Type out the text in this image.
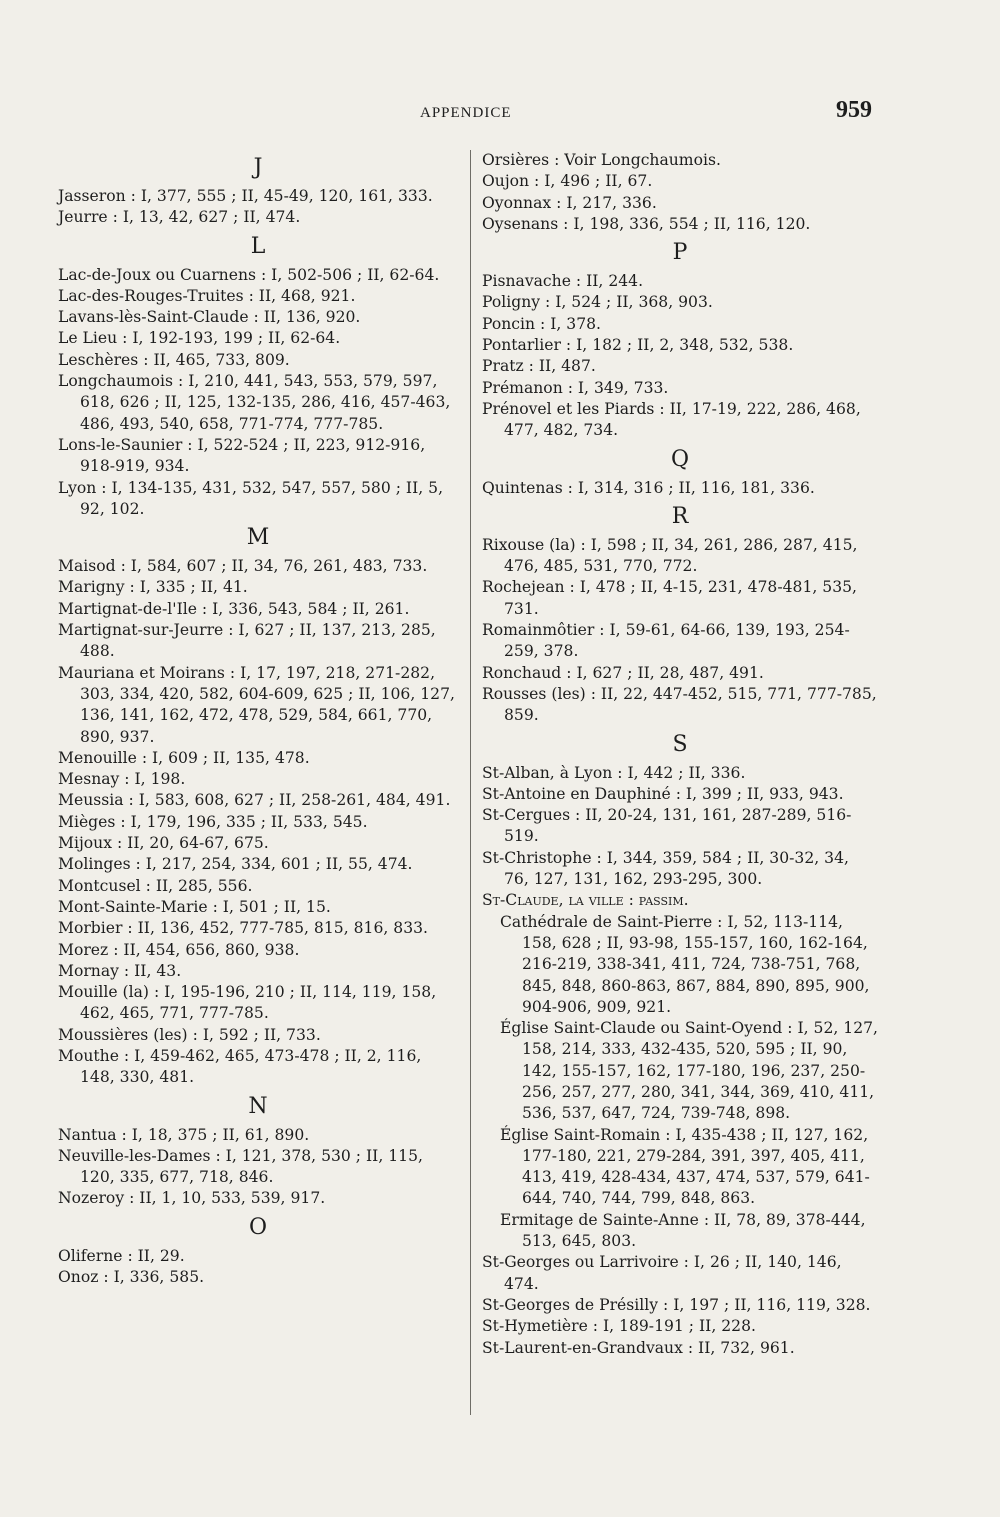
APPENDICE	959
J
Jasseron : I, 377, 555 ; II, 45-49, 120, 161, 333.
Jeurre : I, 13, 42, 627 ; II, 474.
L
Lac-de-Joux ou Cuarnens : I, 502-506 ; II, 62-64.
Lac-des-Rouges-Truites : II, 468, 921.
Lavans-lès-Saint-Claude : II, 136, 920.
Le Lieu : I, 192-193, 199 ; II, 62-64.
Leschères : II, 465, 733, 809.
Longchaumois : I, 210, 441, 543, 553, 579, 597, 618, 626 ; II, 125, 132-135, 286, 416, 457-463, 486, 493, 540, 658, 771-774, 777-785.
Lons-le-Saunier : I, 522-524 ; II, 223, 912-916, 918-919, 934.
Lyon : I, 134-135, 431, 532, 547, 557, 580 ; II, 5, 92, 102.
M
Maisod : I, 584, 607 ; II, 34, 76, 261, 483, 733.
Marigny : I, 335 ; II, 41.
Martignat-de-l'Ile : I, 336, 543, 584 ; II, 261.
Martignat-sur-Jeurre : I, 627 ; II, 137, 213, 285, 488.
Mauriana et Moirans : I, 17, 197, 218, 271-282, 303, 334, 420, 582, 604-609, 625 ; II, 106, 127, 136, 141, 162, 472, 478, 529, 584, 661, 770, 890, 937.
Menouille : I, 609 ; II, 135, 478.
Mesnay : I, 198.
Meussia : I, 583, 608, 627 ; II, 258-261, 484, 491.
Mièges : I, 179, 196, 335 ; II, 533, 545.
Mijoux : II, 20, 64-67, 675.
Molinges : I, 217, 254, 334, 601 ; II, 55, 474.
Montcusel : II, 285, 556.
Mont-Sainte-Marie : I, 501 ; II, 15.
Morbier : II, 136, 452, 777-785, 815, 816, 833.
Morez : II, 454, 656, 860, 938.
Mornay : II, 43.
Mouille (la) : I, 195-196, 210 ; II, 114, 119, 158, 462, 465, 771, 777-785.
Moussières (les) : I, 592 ; II, 733.
Mouthe : I, 459-462, 465, 473-478 ; II, 2, 116, 148, 330, 481.
N
Nantua : I, 18, 375 ; II, 61, 890.
Neuville-les-Dames : I, 121, 378, 530 ; II, 115, 120, 335, 677, 718, 846.
Nozeroy : II, 1, 10, 533, 539, 917.
O
Oliferne : II, 29.
Onoz : I, 336, 585.
Orsières : Voir Longchaumois.
Oujon : I, 496 ; II, 67.
Oyonnax : I, 217, 336.
Oysenans : I, 198, 336, 554 ; II, 116, 120.
P
Pisnavache : II, 244.
Poligny : I, 524 ; II, 368, 903.
Poncin : I, 378.
Pontarlier : I, 182 ; II, 2, 348, 532, 538.
Pratz : II, 487.
Prémanon : I, 349, 733.
Prénovel et les Piards : II, 17-19, 222, 286, 468, 477, 482, 734.
Q
Quintenas : I, 314, 316 ; II, 116, 181, 336.
R
Rixouse (la) : I, 598 ; II, 34, 261, 286, 287, 415, 476, 485, 531, 770, 772.
Rochejean : I, 478 ; II, 4-15, 231, 478-481, 535, 731.
Romainmôtier : I, 59-61, 64-66, 139, 193, 254-259, 378.
Ronchaud : I, 627 ; II, 28, 487, 491.
Rousses (les) : II, 22, 447-452, 515, 771, 777-785, 859.
S
St-Alban, à Lyon : I, 442 ; II, 336.
St-Antoine en Dauphiné : I, 399 ; II, 933, 943.
St-Cergues : II, 20-24, 131, 161, 287-289, 516-519.
St-Christophe : I, 344, 359, 584 ; II, 30-32, 34, 76, 127, 131, 162, 293-295, 300.
St-Claude, la ville : passim.
Cathédrale de Saint-Pierre : I, 52, 113-114, 158, 628 ; II, 93-98, 155-157, 160, 162-164, 216-219, 338-341, 411, 724, 738-751, 768, 845, 848, 860-863, 867, 884, 890, 895, 900, 904-906, 909, 921.
Église Saint-Claude ou Saint-Oyend : I, 52, 127, 158, 214, 333, 432-435, 520, 595 ; II, 90, 142, 155-157, 162, 177-180, 196, 237, 250-256, 257, 277, 280, 341, 344, 369, 410, 411, 536, 537, 647, 724, 739-748, 898.
Église Saint-Romain : I, 435-438 ; II, 127, 162, 177-180, 221, 279-284, 391, 397, 405, 411, 413, 419, 428-434, 437, 474, 537, 579, 641-644, 740, 744, 799, 848, 863.
Ermitage de Sainte-Anne : II, 78, 89, 378-444, 513, 645, 803.
St-Georges ou Larrivoire : I, 26 ; II, 140, 146, 474.
St-Georges de Présilly : I, 197 ; II, 116, 119, 328.
St-Hymetière : I, 189-191 ; II, 228.
St-Laurent-en-Grandvaux : II, 732, 961.
